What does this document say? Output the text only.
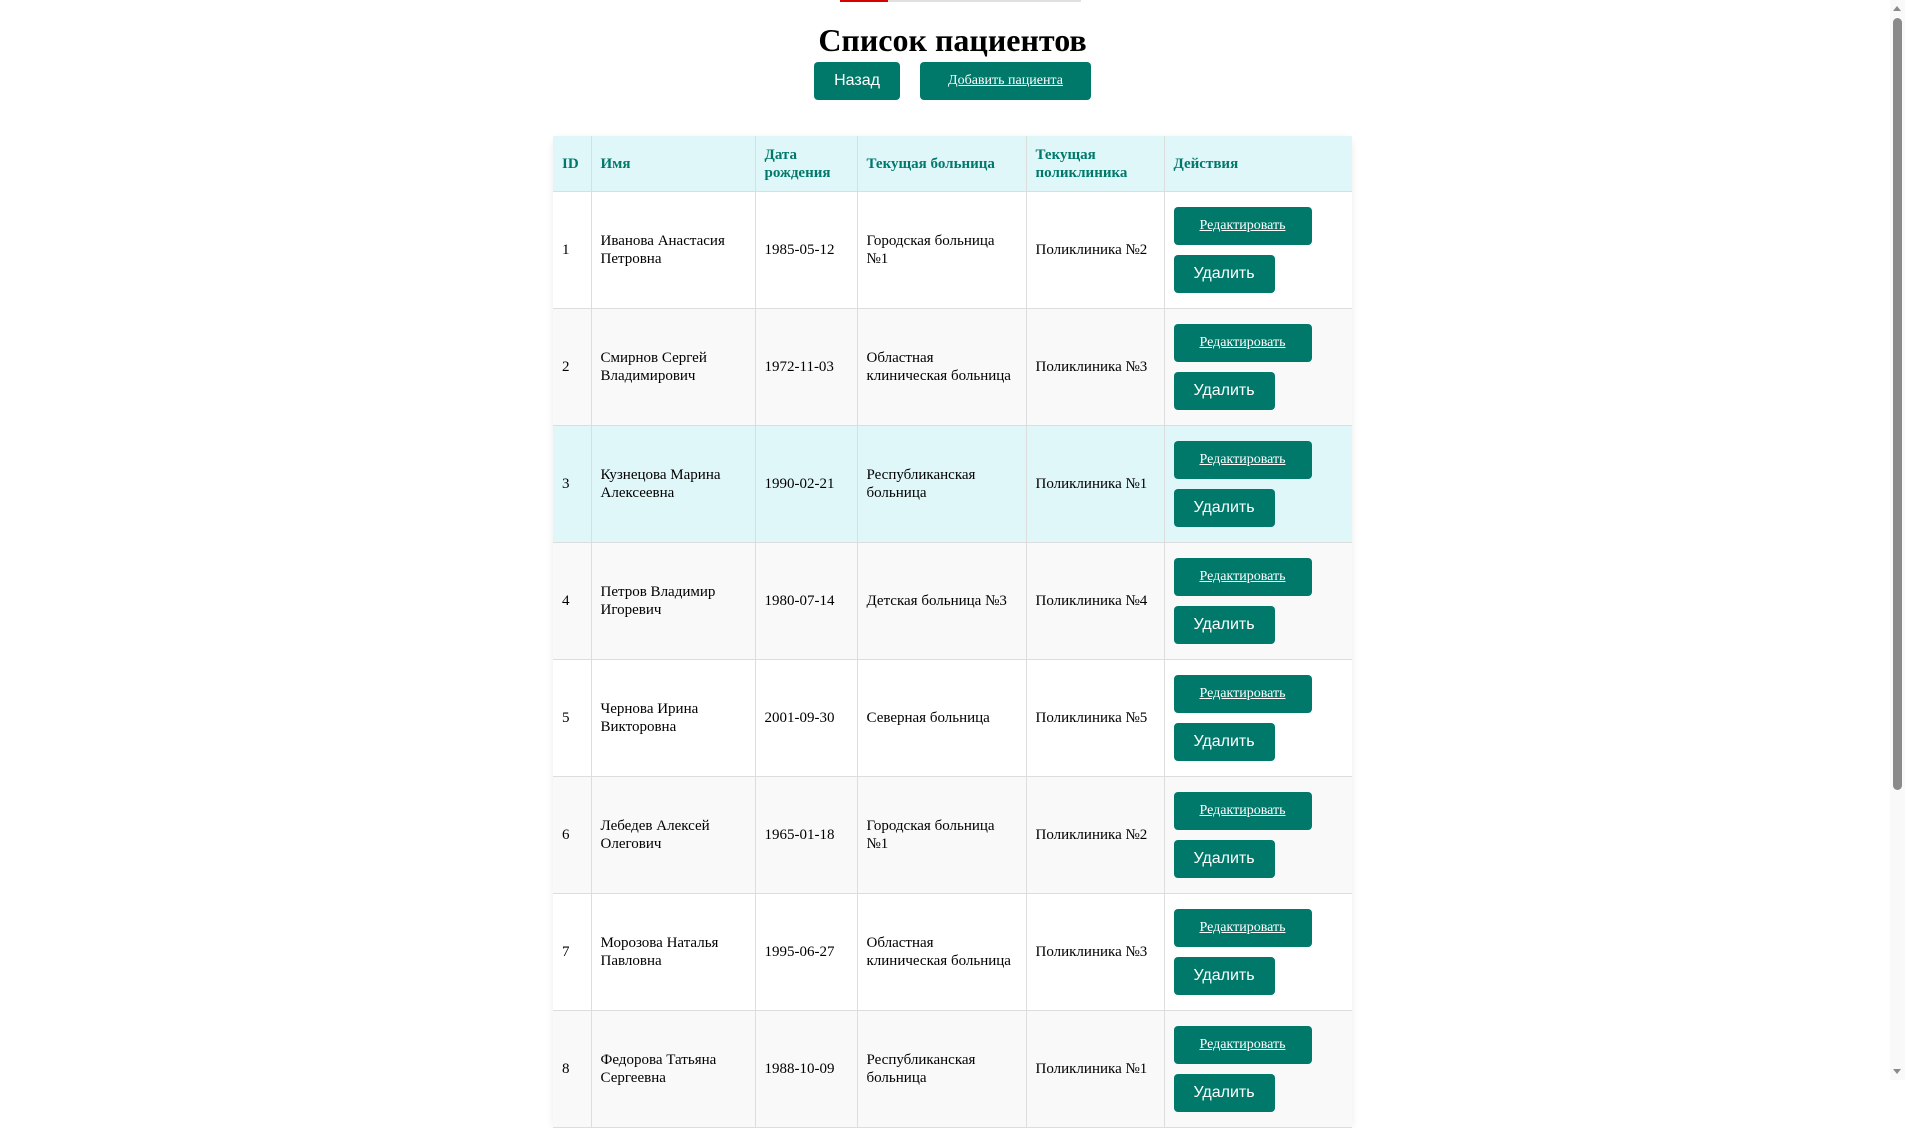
Список пациентов
Назад	Добавить пациента
ID	Имя	Дата рождения	Текущая больница	Текущая поликлиника	Действия
1	Иванова Анастасия Петровна	1985-05-12	Городская больница №1	Поликлиника №2	Редактировать
Удалить

2	Смирнов Сергей Владимирович	1972-11-03	Областная клиническая больница	Поликлиника №3	Редактировать
Удалить

3	Кузнецова Марина Алексеевна	1990-02-21	Республиканская больница	Поликлиника №1	Редактировать
Удалить

4	Петров Владимир Игоревич	1980-07-14	Детская больница №3	Поликлиника №4	Редактировать
Удалить

5	Чернова Ирина Викторовна	2001-09-30	Северная больница	Поликлиника №5	Редактировать
Удалить

6	Лебедев Алексей Олегович	1965-01-18	Городская больница №1	Поликлиника №2	Редактировать
Удалить

7	Морозова Наталья Павловна	1995-06-27	Областная клиническая больница	Поликлиника №3	Редактировать
Удалить

8	Федорова Татьяна Сергеевна	1988-10-09	Республиканская больница	Поликлиника №1	Редактировать
Удалить
